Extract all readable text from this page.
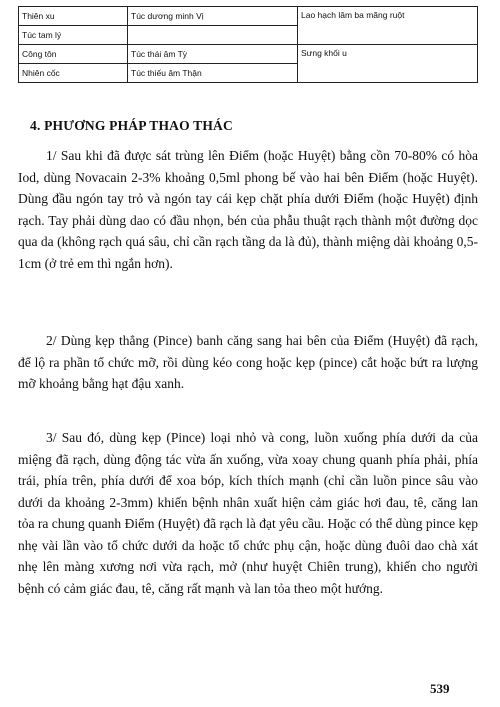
Thiên xu	Túc dương minh Vị	Lao hạch lâm ba mãng ruột
Túc tam lý		
Công tôn	Túc thái âm Tỳ	Sưng khối u
Nhiên cốc	Túc thiếu âm Thận	
4. PHƯƠNG PHÁP THAO THÁC

1/ Sau khi đã được sát trùng lên Điểm (hoặc Huyệt) bằng cồn 70-80% có hòa Iod, dùng Novacain 2-3% khoảng 0,5ml phong bế vào hai bên Điểm (hoặc Huyệt). Dùng đầu ngón tay trỏ và ngón tay cái kẹp chặt phía dưới Điểm (hoặc Huyệt) định rạch. Tay phải dùng dao có đầu nhọn, bén của phẫu thuật rạch thành một đường dọc qua da (không rạch quá sâu, chỉ cần rạch tầng da là đủ), thành miệng dài khoảng 0,5-1cm (ở trẻ em thì ngắn hơn).

2/ Dùng kẹp thẳng (Pince) banh căng sang hai bên của Điểm (Huyệt) đã rạch, để lộ ra phần tổ chức mỡ, rồi dùng kéo cong hoặc kẹp (pince) cắt hoặc bứt ra lượng mỡ khoảng bằng hạt đậu xanh.

3/ Sau đó, dùng kẹp (Pince) loại nhỏ và cong, luồn xuống phía dưới da của miệng đã rạch, dùng động tác vừa ấn xuống, vừa xoay chung quanh phía phải, phía trái, phía trên, phía dưới để xoa bóp, kích thích mạnh (chỉ cần luồn pince sâu vào dưới da khoảng 2-3mm) khiến bệnh nhân xuất hiện cảm giác hơi đau, tê, căng lan tỏa ra chung quanh Điểm (Huyệt) đã rạch là đạt yêu cầu. Hoặc có thể dùng pince kẹp nhẹ vài lần vào tổ chức dưới da hoặc tổ chức phụ cận, hoặc dùng đuôi dao chà xát nhẹ lên màng xương nơi vừa rạch, mở (như huyệt Chiên trung), khiến cho người bệnh có cảm giác đau, tê, căng rất mạnh và lan tỏa theo một hướng.

539
